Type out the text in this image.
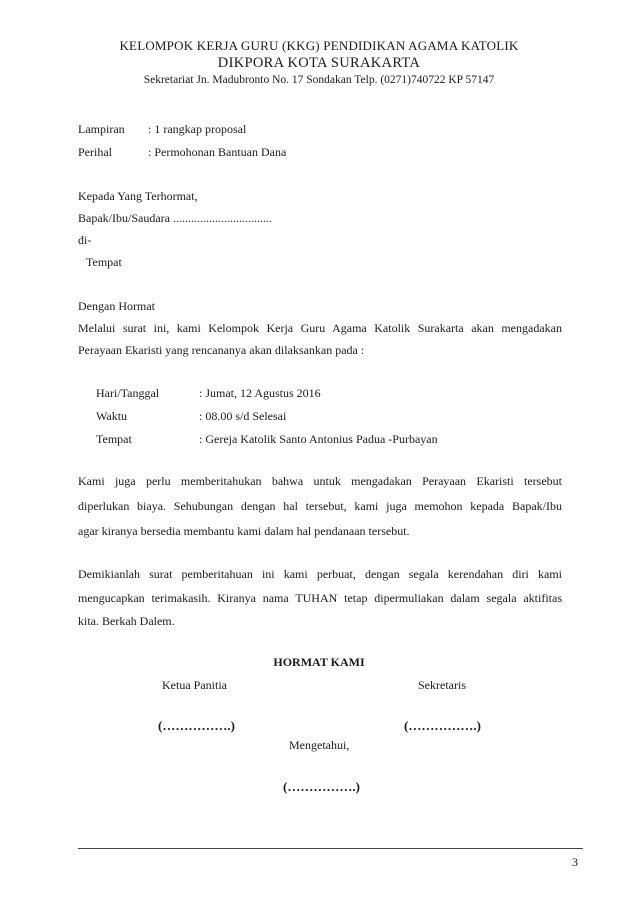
KELOMPOK KERJA GURU (KKG) PENDIDIKAN AGAMA KATOLIK
DIKPORA KOTA SURAKARTA
Sekretariat Jn. Madubronto No. 17 Sondakan Telp. (0271)740722 KP 57147
Lampiran : 1 rangkap proposal
Perihal	: Permohonan Bantuan Dana
Kepada Yang Terhormat,
Bapak/Ibu/Saudara .................................
di-
Tempat
Dengan Hormat
Melalui surat ini, kami Kelompok Kerja Guru Agama Katolik Surakarta akan mengadakan
Perayaan Ekaristi yang rencananya akan dilaksankan pada :
Hari/Tanggal	: Jumat, 12 Agustus 2016
Waktu	: 08.00 s/d Selesai
Tempat	: Gereja Katolik Santo Antonius Padua -Purbayan
Kami juga perlu memberitahukan bahwa untuk mengadakan Perayaan Ekaristi tersebut
diperlukan biaya. Sehubungan dengan hal tersebut, kami juga memohon kepada Bapak/Ibu
agar kiranya bersedia membantu kami dalam hal pendanaan tersebut.
Demikianlah surat pemberitahuan ini kami perbuat, dengan segala kerendahan diri kami
mengucapkan terimakasih. Kiranya nama TUHAN tetap dipermuliakan dalam segala aktifitas
kita. Berkah Dalem.
HORMAT KAMI
Ketua Panitia	Sekretaris
(…………….)	(…………….)
Mengetahui,
(…………….)
3
